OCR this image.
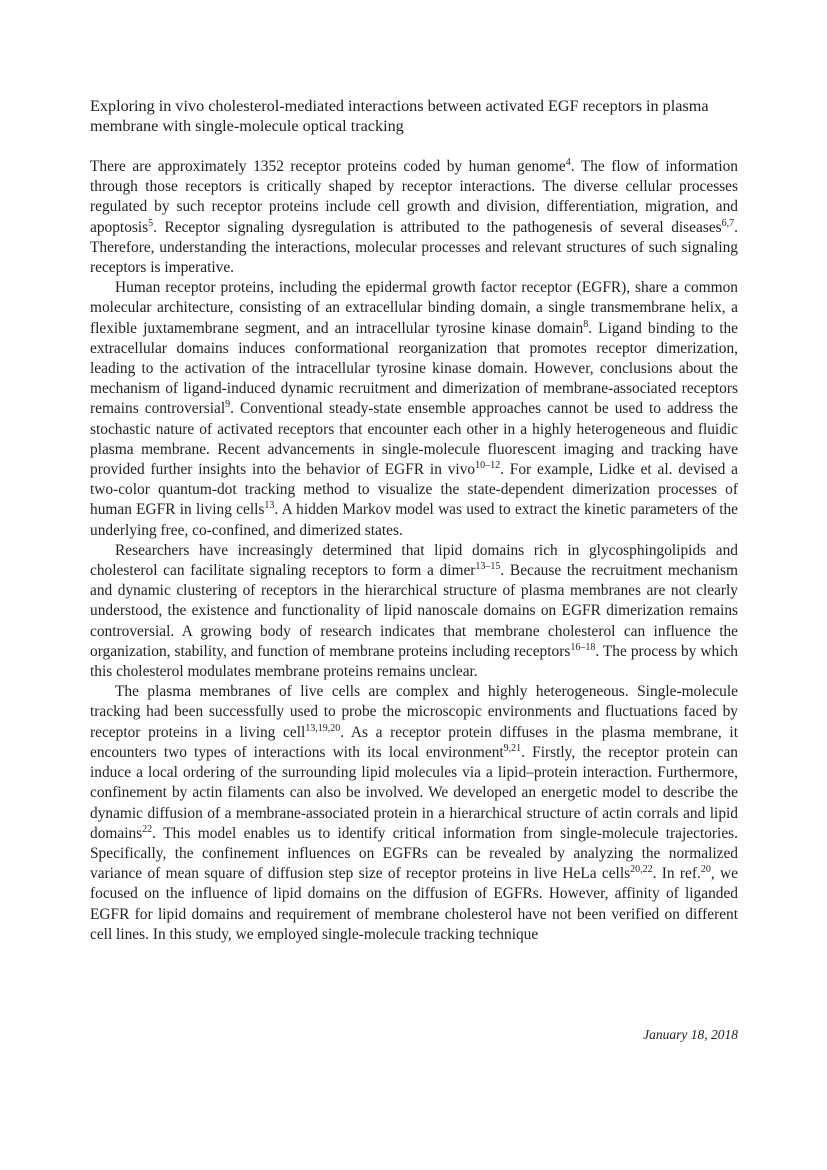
Exploring in vivo cholesterol-mediated interactions between activated EGF receptors in plasma membrane with single-molecule optical tracking

There are approximately 1352 receptor proteins coded by human genome$^4$. The flow of information through those receptors is critically shaped by receptor interactions. The diverse cellular processes regulated by such receptor proteins include cell growth and division, differentiation, migration, and apoptosis$^5$. Receptor signaling dysregulation is attributed to the pathogenesis of several diseases$^{6,7}$. Therefore, understanding the interactions, molecular processes and relevant structures of such signaling receptors is imperative.

Human receptor proteins, including the epidermal growth factor receptor (EGFR), share a common molecular architecture, consisting of an extracellular binding domain, a single transmembrane helix, a flexible juxtamembrane segment, and an intracellular tyrosine kinase domain$^8$. Ligand binding to the extracellular domains induces conformational reorganization that promotes receptor dimerization, leading to the activation of the intracellular tyrosine kinase domain. However, conclusions about the mechanism of ligand-induced dynamic recruitment and dimerization of membrane-associated receptors remains controversial$^9$. Conventional steady-state ensemble approaches cannot be used to address the stochastic nature of activated receptors that encounter each other in a highly heterogeneous and fluidic plasma membrane. Recent advancements in single-molecule fluorescent imaging and tracking have provided further insights into the behavior of EGFR in vivo$^{10-12}$. For example, Lidke et al. devised a two-color quantum-dot tracking method to visualize the state-dependent dimerization processes of human EGFR in living cells$^{13}$. A hidden Markov model was used to extract the kinetic parameters of the underlying free, co-confined, and dimerized states.

Researchers have increasingly determined that lipid domains rich in glycosphingolipids and cholesterol can facilitate signaling receptors to form a dimer$^{13-15}$. Because the recruitment mechanism and dynamic clustering of receptors in the hierarchical structure of plasma membranes are not clearly understood, the existence and functionality of lipid nanoscale domains on EGFR dimerization remains controversial. A growing body of research indicates that membrane cholesterol can influence the organization, stability, and function of membrane proteins including receptors$^{16-18}$. The process by which this cholesterol modulates membrane proteins remains unclear.

The plasma membranes of live cells are complex and highly heterogeneous. Single-molecule tracking had been successfully used to probe the microscopic environments and fluctuations faced by receptor proteins in a living cell$^{13,19,20}$. As a receptor protein diffuses in the plasma membrane, it encounters two types of interactions with its local environment$^{9,21}$. Firstly, the receptor protein can induce a local ordering of the surrounding lipid molecules via a lipid–protein interaction. Furthermore, confinement by actin filaments can also be involved. We developed an energetic model to describe the dynamic diffusion of a membrane-associated protein in a hierarchical structure of actin corrals and lipid domains$^{22}$. This model enables us to identify critical information from single-molecule trajectories. Specifically, the confinement influences on EGFRs can be revealed by analyzing the normalized variance of mean square of diffusion step size of receptor proteins in live HeLa cells$^{20,22}$. In ref.$^{20}$, we focused on the influence of lipid domains on the diffusion of EGFRs. However, affinity of liganded EGFR for lipid domains and requirement of membrane cholesterol have not been verified on different cell lines. In this study, we employed single-molecule tracking technique

January 18, 2018
